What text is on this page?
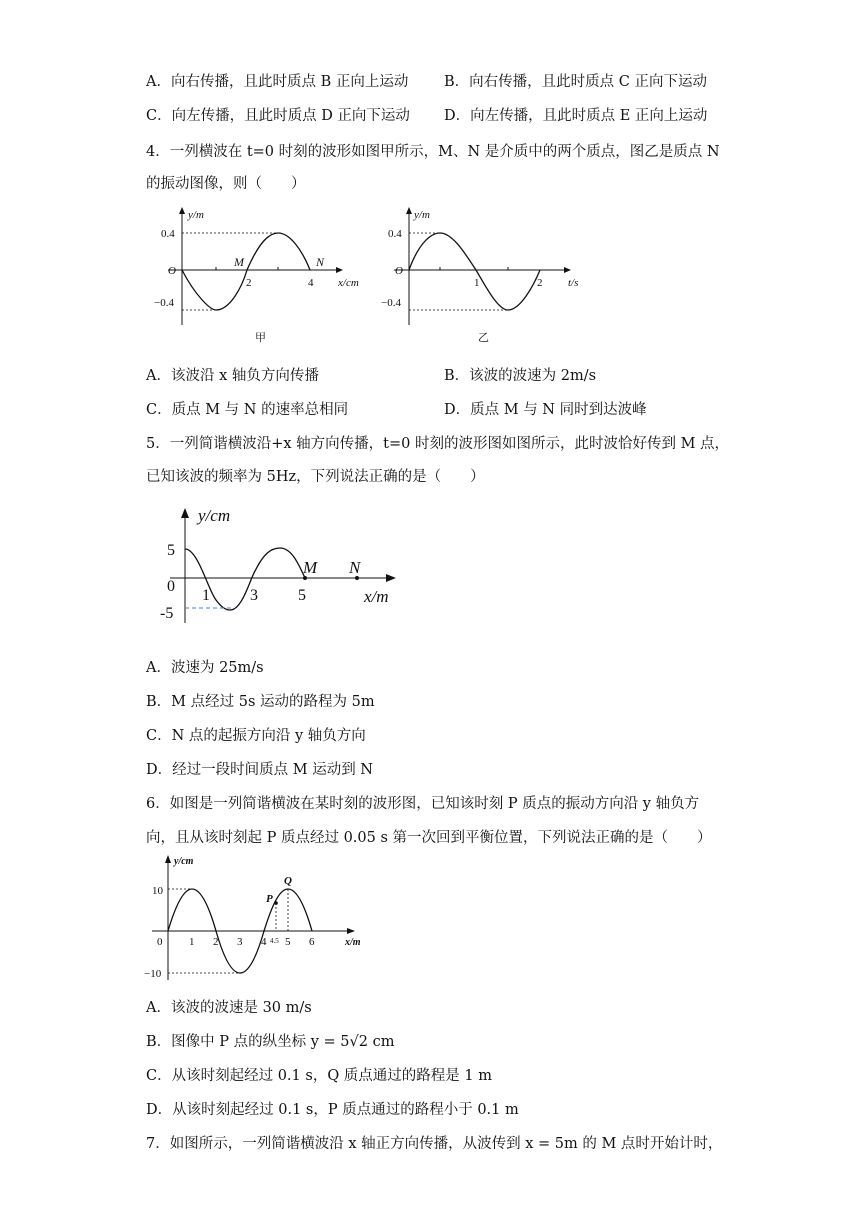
A．向右传播，且此时质点 B 正向上运动 B．向右传播，且此时质点 C 正向下运动
C．向左传播，且此时质点 D 正向下运动 D．向左传播，且此时质点 E 正向上运动
4．一列横波在 t=0 时刻的波形如图甲所示，M、N 是介质中的两个质点，图乙是质点 N
的振动图像，则（　　）
y/m
0.4
O
−0.4
M
2
N
4 x/cm
甲
y/m
0.4
O
−0.4
1	2 t/s
乙
A．该波沿 x 轴负方向传播	B．该波的波速为 2m/s
C．质点 M 与 N 的速率总相同	D．质点 M 与 N 同时到达波峰
5．一列简谐横波沿+x 轴方向传播，t=0 时刻的波形图如图所示，此时波恰好传到 M 点，
已知该波的频率为 5Hz，下列说法正确的是（　　）
y/cm
5
0
-5
1	3	5
M N
x/m
A．波速为 25m/s
B．M 点经过 5s 运动的路程为 5m
C．N 点的起振方向沿 y 轴负方向
D．经过一段时间质点 M 运动到 N
6．如图是一列简谐横波在某时刻的波形图，已知该时刻 P 质点的振动方向沿 y 轴负方
向，且从该时刻起 P 质点经过 0.05 s 第一次回到平衡位置，下列说法正确的是（　　）
y/cm
10
0
−10
1 2 3 4 4.5 5 6	x/m
P
Q
A．该波的波速是 30 m/s
B．图像中 P 点的纵坐标 y = 5√2 cm
C．从该时刻起经过 0.1 s，Q 质点通过的路程是 1 m
D．从该时刻起经过 0.1 s，P 质点通过的路程小于 0.1 m
7．如图所示，一列简谐横波沿 x 轴正方向传播，从波传到 x = 5m 的 M 点时开始计时，
